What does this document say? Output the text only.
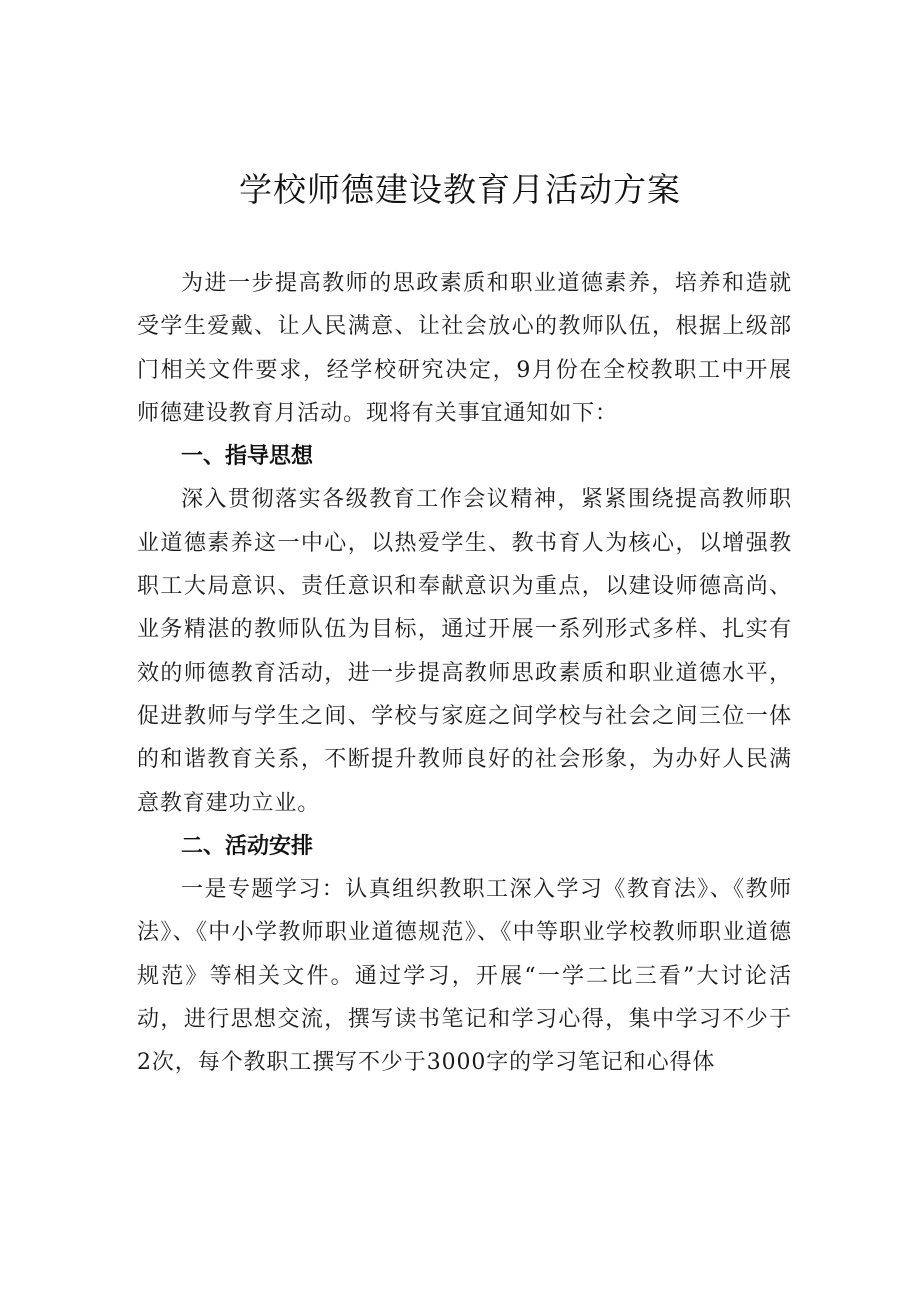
学校师德建设教育月活动方案

为进一步提高教师的思政素质和职业道德素养，培养和造就受学生爱戴、让人民满意、让社会放心的教师队伍，根据上级部门相关文件要求，经学校研究决定，9月份在全校教职工中开展师德建设教育月活动。现将有关事宜通知如下：

一、指导思想

深入贯彻落实各级教育工作会议精神，紧紧围绕提高教师职业道德素养这一中心，以热爱学生、教书育人为核心，以增强教职工大局意识、责任意识和奉献意识为重点，以建设师德高尚、业务精湛的教师队伍为目标，通过开展一系列形式多样、扎实有效的师德教育活动，进一步提高教师思政素质和职业道德水平，促进教师与学生之间、学校与家庭之间学校与社会之间三位一体的和谐教育关系，不断提升教师良好的社会形象，为办好人民满意教育建功立业。

二、活动安排

一是专题学习：认真组织教职工深入学习《教育法》、《教师法》、《中小学教师职业道德规范》、《中等职业学校教师职业道德规范》等相关文件。通过学习，开展“一学二比三看”大讨论活动，进行思想交流，撰写读书笔记和学习心得，集中学习不少于2次，每个教职工撰写不少于3000字的学习笔记和心得体
